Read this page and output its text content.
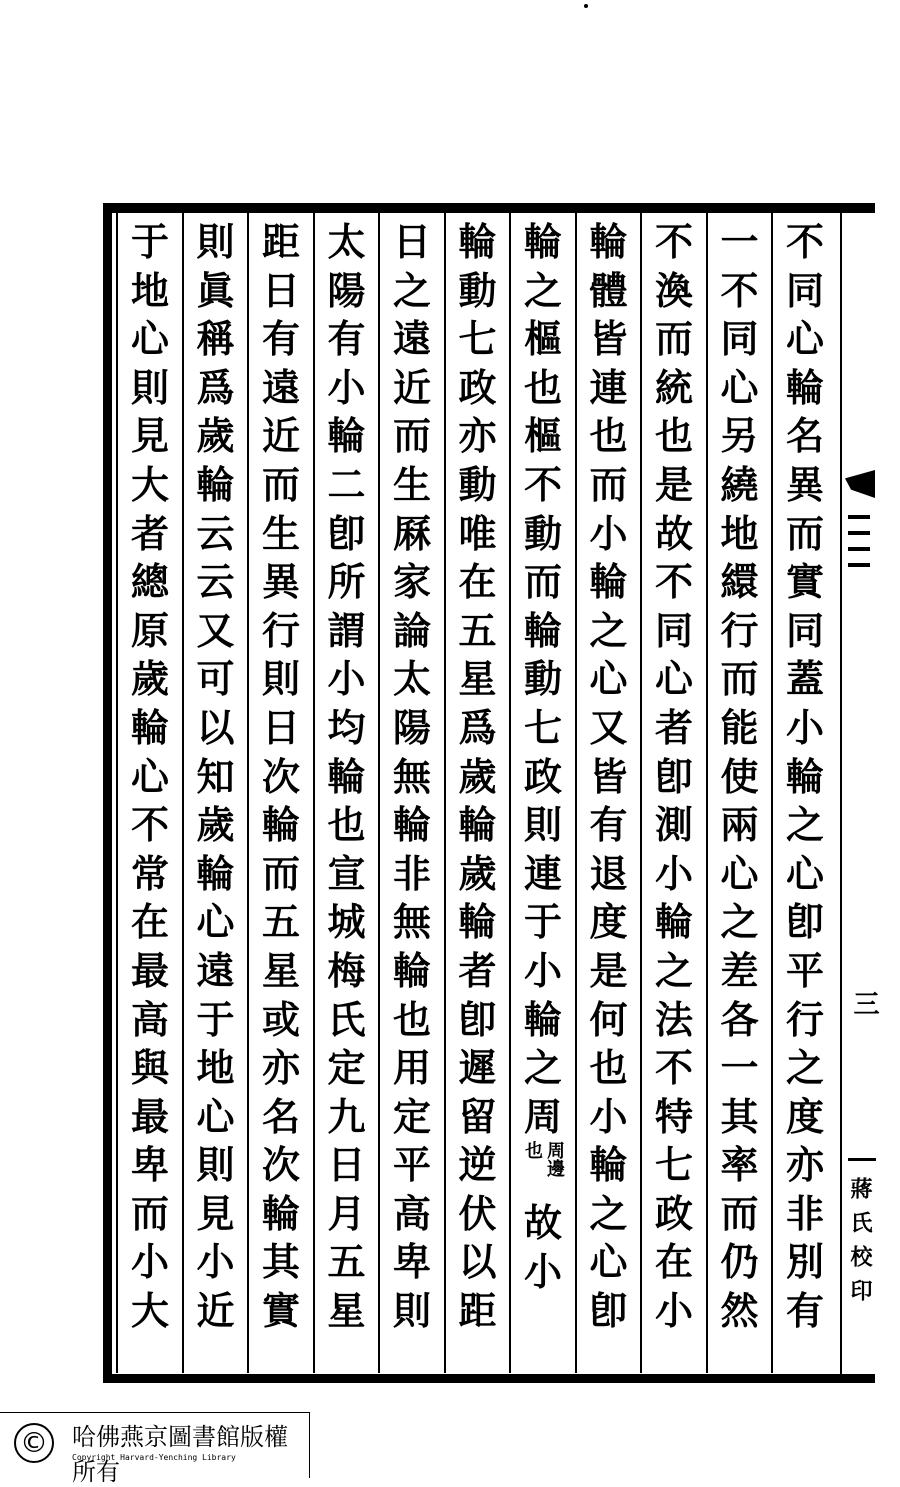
不
同
心
輪
名
異
而
實
同
蓋
小
輪
之
心
卽
平
行
之
度
亦
非
別
有
一
不
同
心
另
繞
地
繯
行
而
能
使
兩
心
之
差
各
一
其
率
而
仍
然
不
渙
而
統
也
是
故
不
同
心
者
卽
測
小
輪
之
法
不
特
七
政
在
小
輪
體
皆
連
也
而
小
輪
之
心
又
皆
有
退
度
是
何
也
小
輪
之
心
卽
輪
之
樞
也
樞
不
動
而
輪
動
七
政
則
連
于
小
輪
之
周
周邊
也
故
小
輪
動
七
政
亦
動
唯
在
五
星
爲
歲
輪
歲
輪
者
卽
遲
留
逆
伏
以
距
日
之
遠
近
而
生
厤
家
論
太
陽
無
輪
非
無
輪
也
用
定
平
高
卑
則
太
陽
有
小
輪
二
卽
所
謂
小
均
輪
也
宣
城
梅
氏
定
九
日
月
五
星
距
日
有
遠
近
而
生
異
行
則
日
次
輪
而
五
星
或
亦
名
次
輪
其
實
則
眞
稱
爲
歲
輪
云
云
又
可
以
知
歲
輪
心
遠
于
地
心
則
見
小
近
于
地
心
則
見
大
者
總
原
歲
輪
心
不
常
在
最
高
與
最
卑
而
小
大
三
蔣氏校印
© 哈佛燕京圖書館版權所有
Copyright Harvard-Yenching Library
